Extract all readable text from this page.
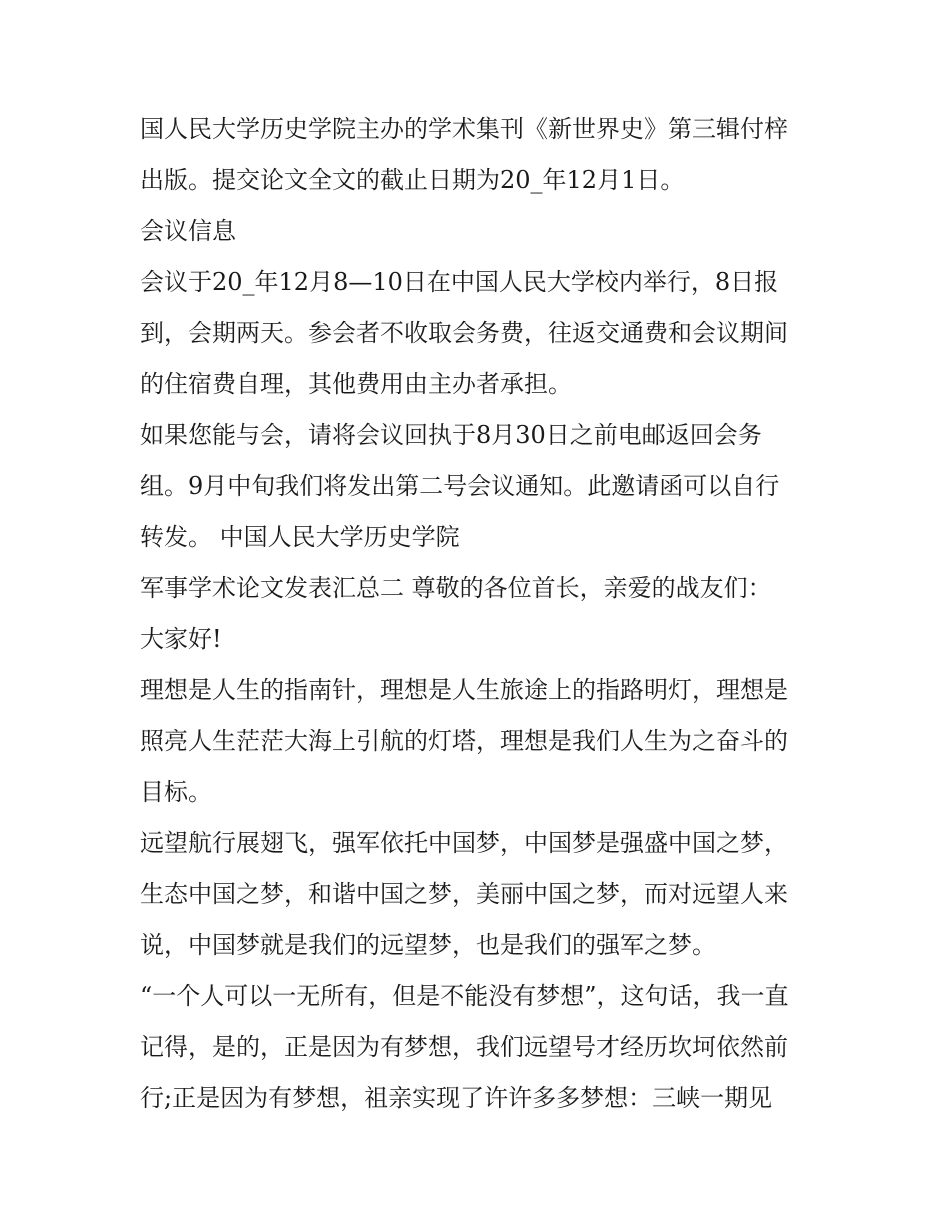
国人民大学历史学院主办的学术集刊《新世界史》第三辑付梓
出版。提交论文全文的截止日期为20_年12月1日。
会议信息
会议于20_年12月8—10日在中国人民大学校内举行，8日报
到，会期两天。参会者不收取会务费，往返交通费和会议期间
的住宿费自理，其他费用由主办者承担。
如果您能与会，请将会议回执于8月30日之前电邮返回会务
组。9月中旬我们将发出第二号会议通知。此邀请函可以自行
转发。 中国人民大学历史学院
军事学术论文发表汇总二 尊敬的各位首长，亲爱的战友们：
大家好!
理想是人生的指南针，理想是人生旅途上的指路明灯，理想是
照亮人生茫茫大海上引航的灯塔，理想是我们人生为之奋斗的
目标。
远望航行展翅飞，强军依托中国梦，中国梦是强盛中国之梦，
生态中国之梦，和谐中国之梦，美丽中国之梦，而对远望人来
说，中国梦就是我们的远望梦，也是我们的强军之梦。
“一个人可以一无所有，但是不能没有梦想”，这句话，我一直
记得，是的，正是因为有梦想，我们远望号才经历坎坷依然前
行;正是因为有梦想，祖亲实现了许许多多梦想：三峡一期见
